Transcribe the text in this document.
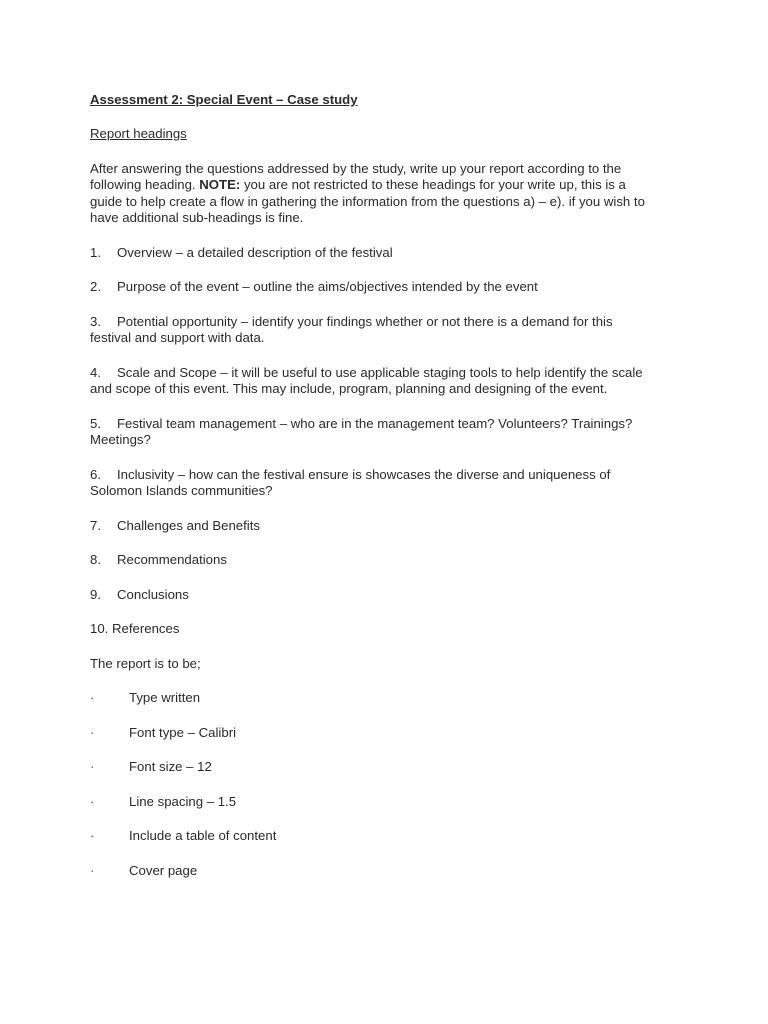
Assessment 2: Special Event – Case study

Report headings

After answering the questions addressed by the study, write up your report according to the
following heading. NOTE: you are not restricted to these headings for your write up, this is a
guide to help create a flow in gathering the information from the questions a) – e). if you wish to
have additional sub-headings is fine.

1. Overview – a detailed description of the festival

2. Purpose of the event – outline the aims/objectives intended by the event

3. Potential opportunity – identify your findings whether or not there is a demand for this
festival and support with data.

4. Scale and Scope – it will be useful to use applicable staging tools to help identify the scale
and scope of this event. This may include, program, planning and designing of the event.

5. Festival team management – who are in the management team? Volunteers? Trainings?
Meetings?

6. Inclusivity – how can the festival ensure is showcases the diverse and uniqueness of
Solomon Islands communities?

7. Challenges and Benefits

8. Recommendations

9. Conclusions

10. References

The report is to be;

·	Type written

·	Font type – Calibri

·	Font size – 12

·	Line spacing – 1.5

·	Include a table of content

·	Cover page
